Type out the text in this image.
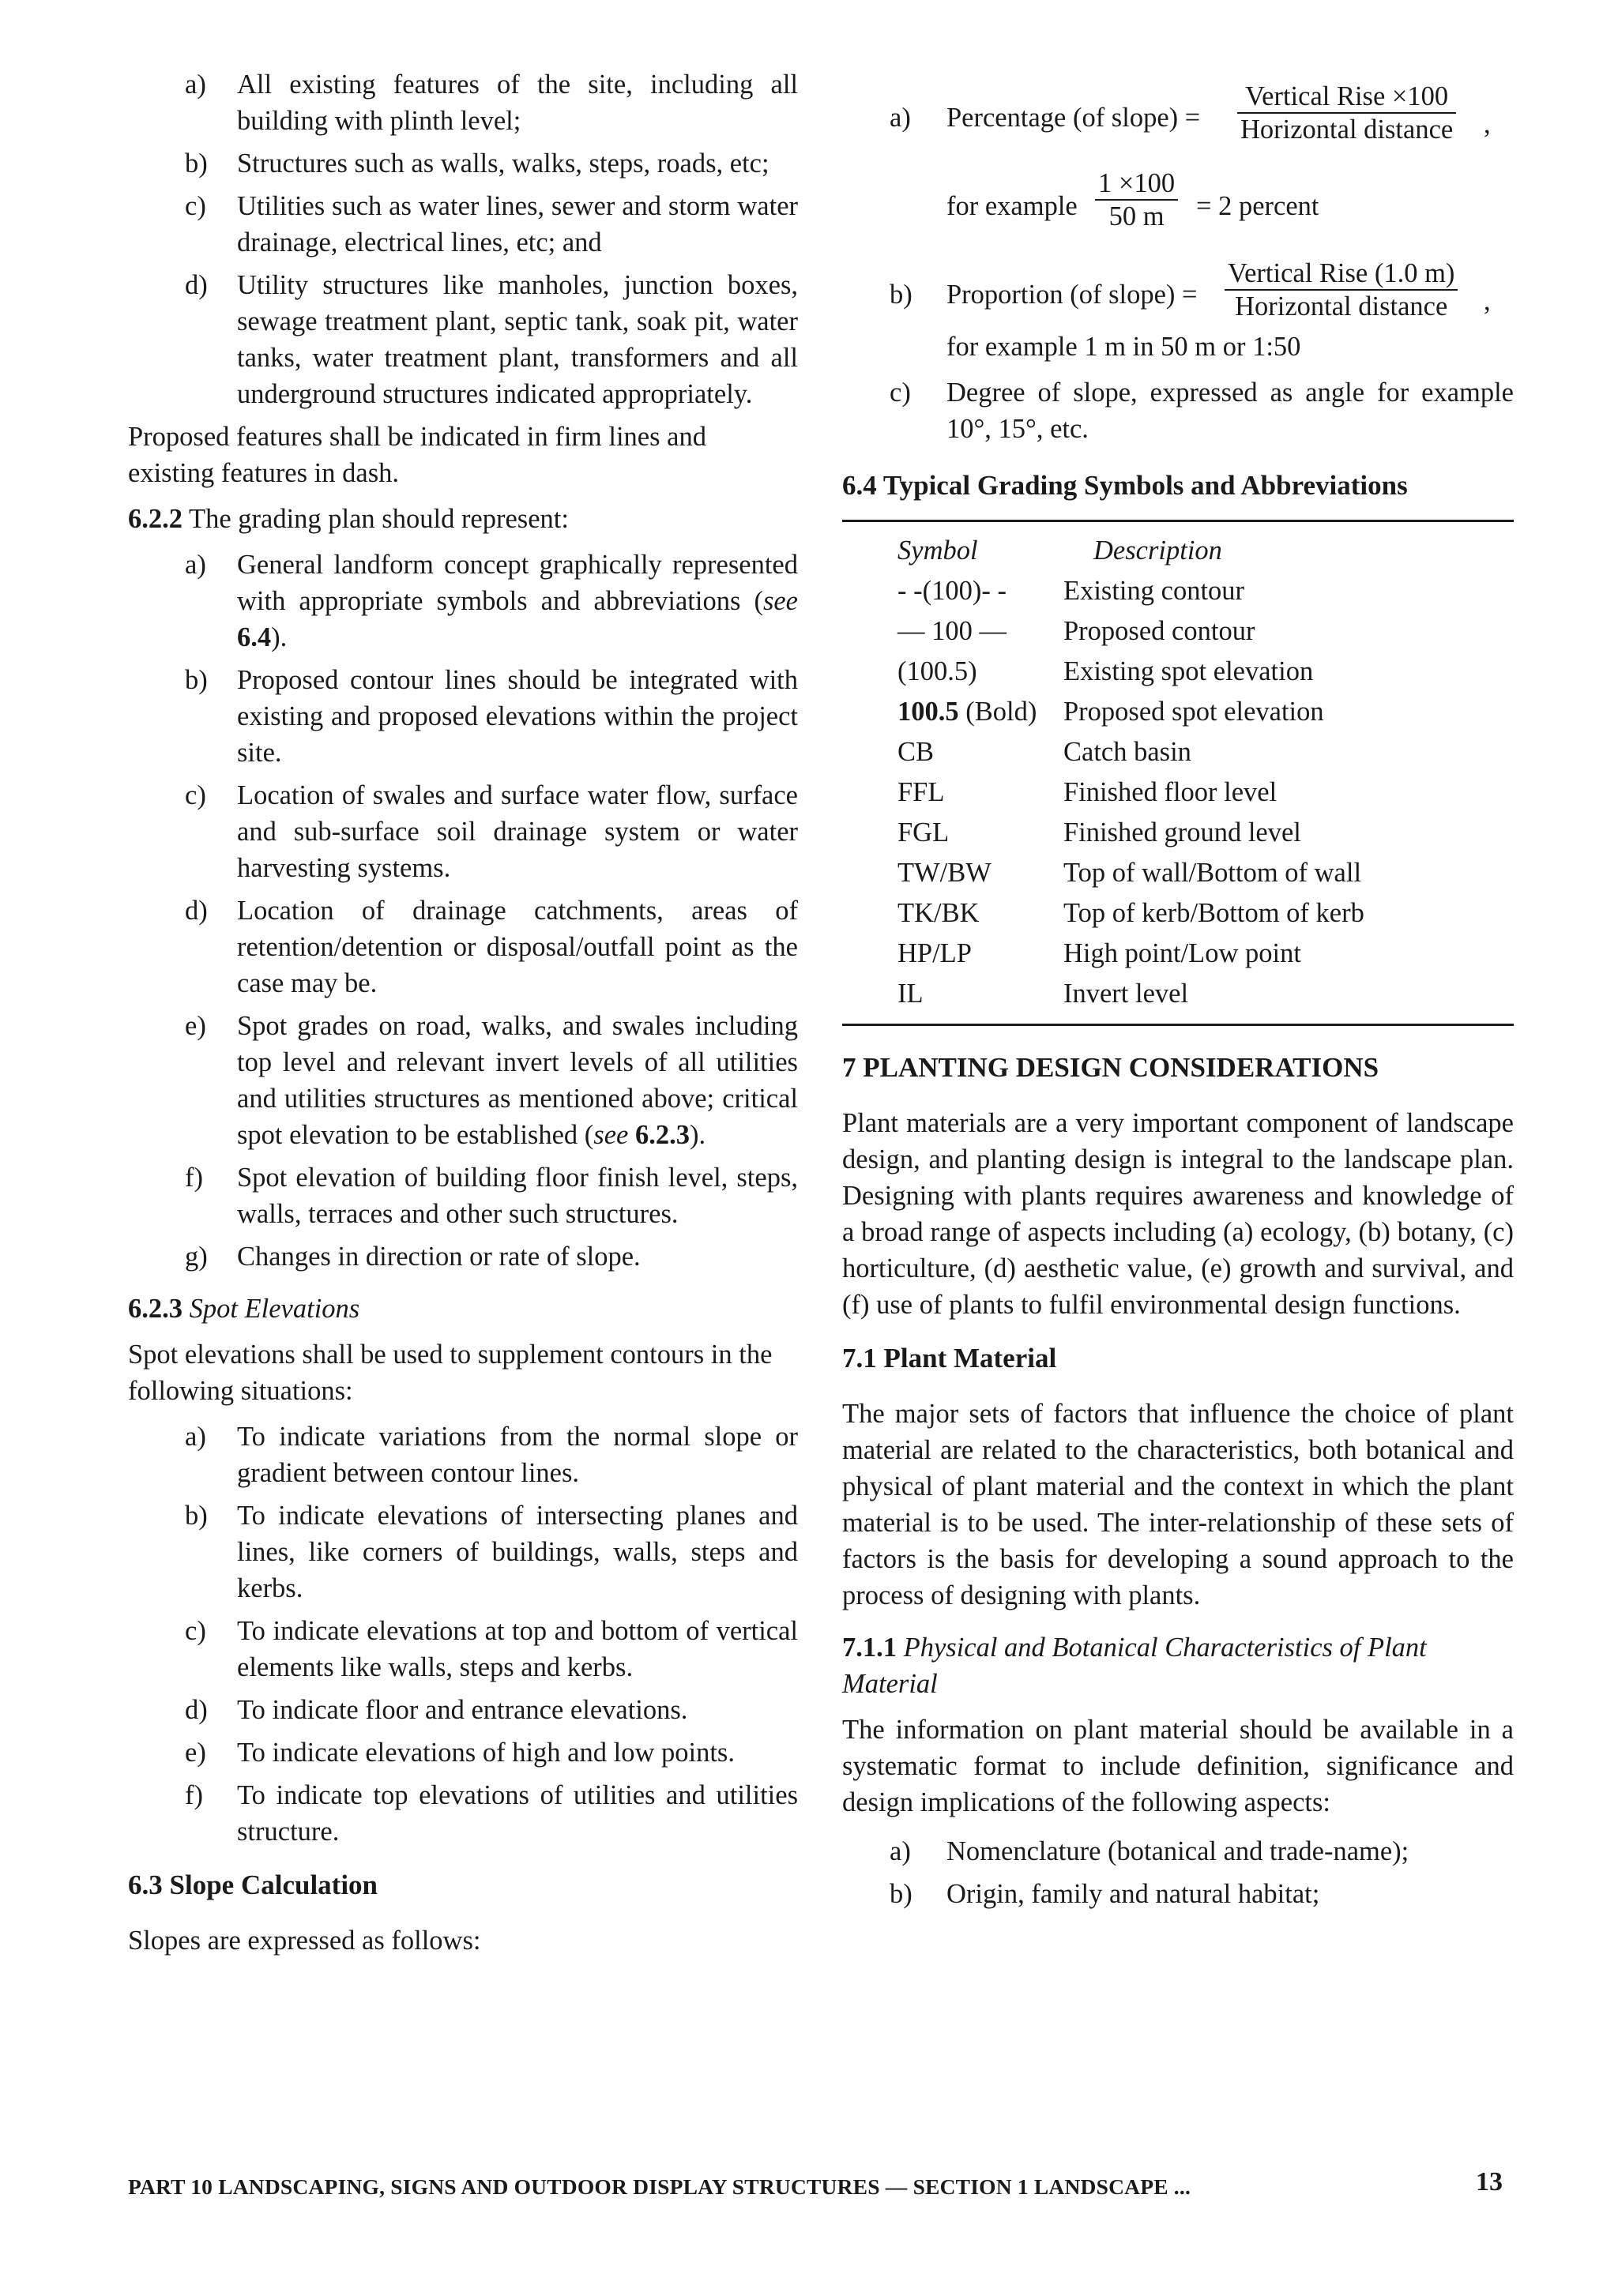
a) All existing features of the site, including all building with plinth level;
b) Structures such as walls, walks, steps, roads, etc;
c) Utilities such as water lines, sewer and storm water drainage, electrical lines, etc; and
d) Utility structures like manholes, junction boxes, sewage treatment plant, septic tank, soak pit, water tanks, water treatment plant, transformers and all underground structures indicated appropriately.

Proposed features shall be indicated in firm lines and existing features in dash.

6.2.2 The grading plan should represent:

a) General landform concept graphically represented with appropriate symbols and abbreviations (see 6.4).
b) Proposed contour lines should be integrated with existing and proposed elevations within the project site.
c) Location of swales and surface water flow, surface and sub-surface soil drainage system or water harvesting systems.
d) Location of drainage catchments, areas of retention/detention or disposal/outfall point as the case may be.
e) Spot grades on road, walks, and swales including top level and relevant invert levels of all utilities and utilities structures as mentioned above; critical spot elevation to be established (see 6.2.3).
f) Spot elevation of building floor finish level, steps, walls, terraces and other such structures.
g) Changes in direction or rate of slope.

6.2.3 Spot Elevations

Spot elevations shall be used to supplement contours in the following situations:

a) To indicate variations from the normal slope or gradient between contour lines.
b) To indicate elevations of intersecting planes and lines, like corners of buildings, walls, steps and kerbs.
c) To indicate elevations at top and bottom of vertical elements like walls, steps and kerbs.
d) To indicate floor and entrance elevations.
e) To indicate elevations of high and low points.
f) To indicate top elevations of utilities and utilities structure.
6.3 Slope Calculation

Slopes are expressed as follows:

a) Percentage (of slope) =
Vertical Rise ×100
Horizontal distance ,
for example $\frac{1 \times 100}{50 m} = 2$ percent
b) Proportion (of slope) =
Vertical Rise (1.0 m)
Horizontal distance	,

for example 1 m in 50 m or 1:50

c) Degree of slope, expressed as angle for example 10°, 15°, etc.
6.4 Typical Grading Symbols and Abbreviations
Symbol	Description
- -(100)- -	Existing contour
— 100 —	Proposed contour
(100.5)	Existing spot elevation
100.5 (Bold)	Proposed spot elevation
CB	Catch basin
FFL	Finished floor level
FGL	Finished ground level
TW/BW	Top of wall/Bottom of wall
TK/BK	Top of kerb/Bottom of kerb
HP/LP	High point/Low point
IL	Invert level
7 PLANTING DESIGN CONSIDERATIONS

Plant materials are a very important component of landscape design, and planting design is integral to the landscape plan. Designing with plants requires awareness and knowledge of a broad range of aspects including (a) ecology, (b) botany, (c) horticulture, (d) aesthetic value, (e) growth and survival, and (f) use of plants to fulfil environmental design functions.

7.1 Plant Material

The major sets of factors that influence the choice of plant material are related to the characteristics, both botanical and physical of plant material and the context in which the plant material is to be used. The inter-relationship of these sets of factors is the basis for developing a sound approach to the process of designing with plants.

7.1.1 Physical and Botanical Characteristics of Plant Material

The information on plant material should be available in a systematic format to include definition, significance and design implications of the following aspects:

a) Nomenclature (botanical and trade-name);
b) Origin, family and natural habitat;
PART 10 LANDSCAPING, SIGNS AND OUTDOOR DISPLAY STRUCTURES — SECTION 1 LANDSCAPE ...	13
